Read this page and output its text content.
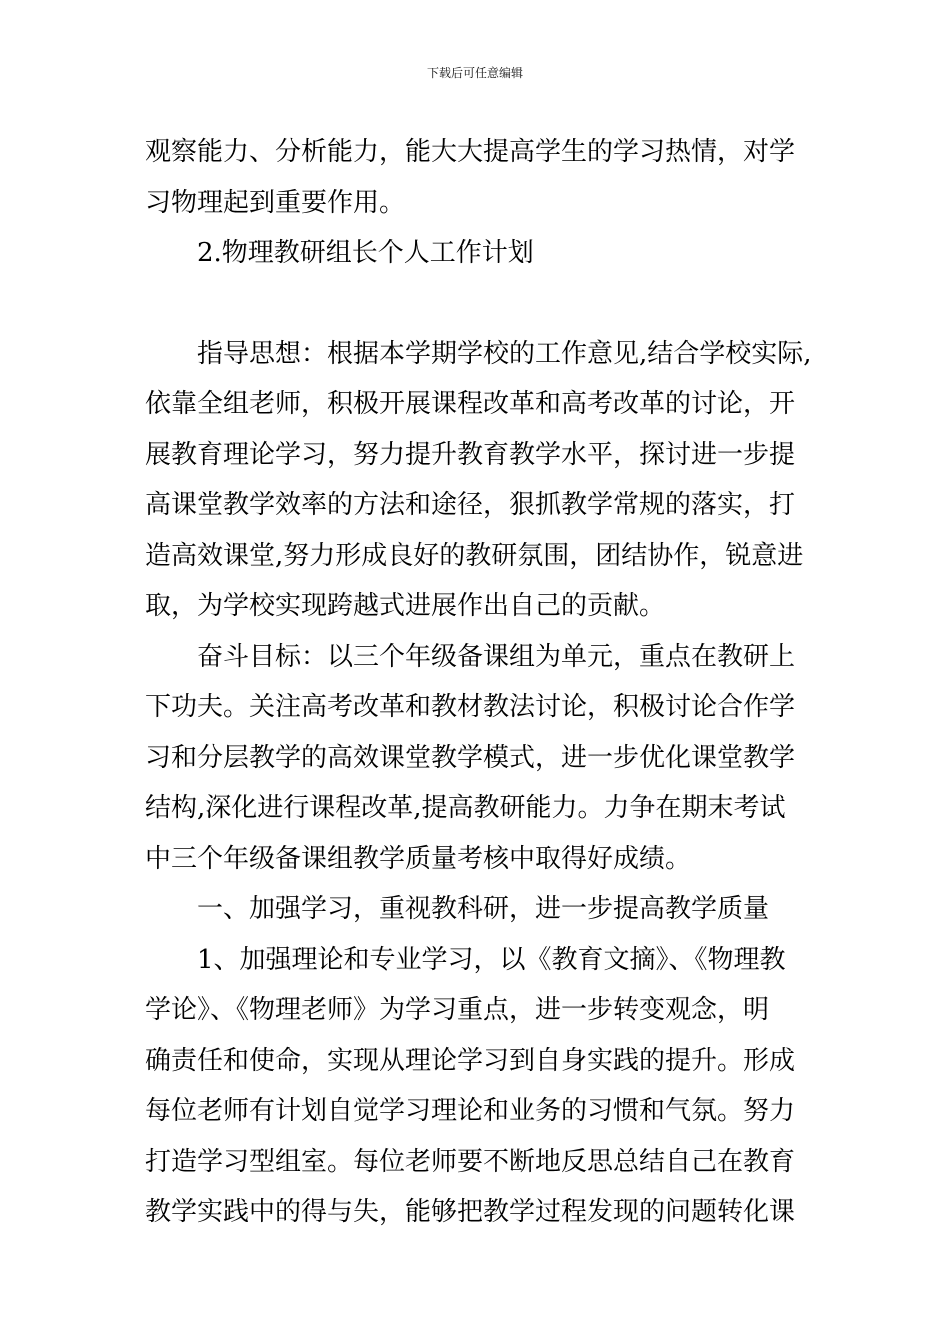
下载后可任意编辑
观察能力、分析能力，能大大提高学生的学习热情，对学
习物理起到重要作用。
2.物理教研组长个人工作计划
指导思想：根据本学期学校的工作意见,结合学校实际,
依靠全组老师，积极开展课程改革和高考改革的讨论，开
展教育理论学习，努力提升教育教学水平，探讨进一步提
高课堂教学效率的方法和途径，狠抓教学常规的落实，打
造高效课堂,努力形成良好的教研氛围，团结协作，锐意进
取，为学校实现跨越式进展作出自己的贡献。
奋斗目标：以三个年级备课组为单元，重点在教研上
下功夫。关注高考改革和教材教法讨论，积极讨论合作学
习和分层教学的高效课堂教学模式，进一步优化课堂教学
结构,深化进行课程改革,提高教研能力。力争在期末考试
中三个年级备课组教学质量考核中取得好成绩。
一、加强学习，重视教科研，进一步提高教学质量
1、加强理论和专业学习，以《教育文摘》、《物理教
学论》、《物理老师》为学习重点，进一步转变观念，明
确责任和使命，实现从理论学习到自身实践的提升。形成
每位老师有计划自觉学习理论和业务的习惯和气氛。努力
打造学习型组室。每位老师要不断地反思总结自己在教育
教学实践中的得与失，能够把教学过程发现的问题转化课
